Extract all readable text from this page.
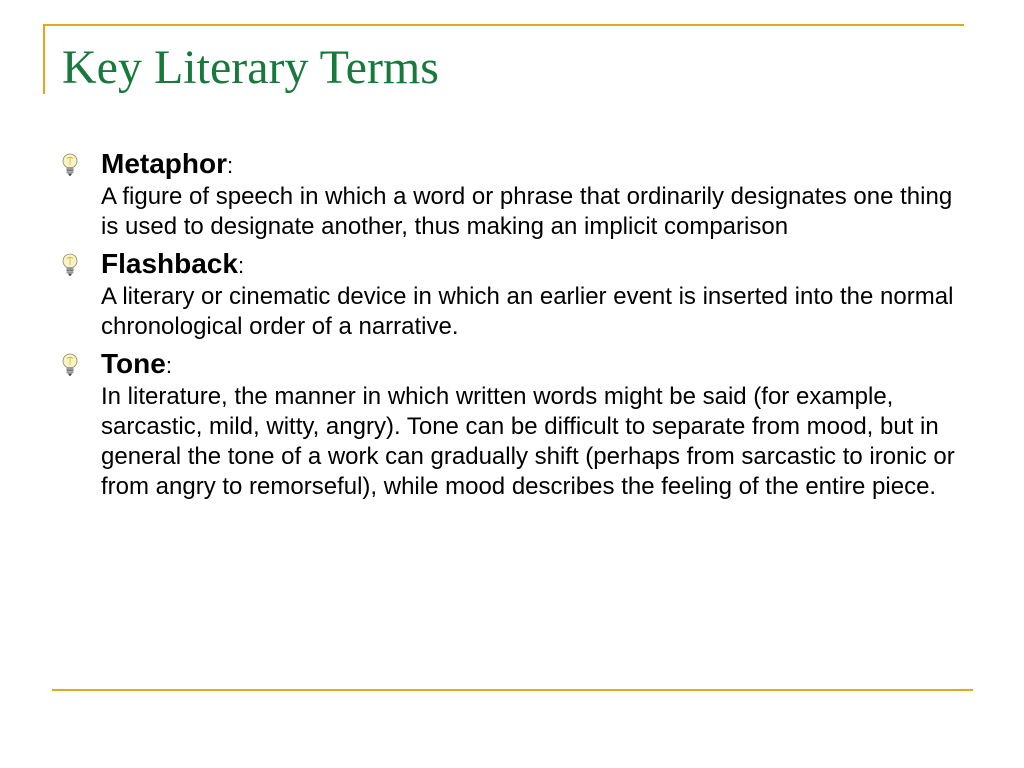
Key Literary Terms
Metaphor:
A figure of speech in which a word or phrase that ordinarily designates one thing is used to designate another, thus making an implicit comparison
Flashback:
A literary or cinematic device in which an earlier event is inserted into the normal chronological order of a narrative.
Tone:
In literature, the manner in which written words might be said (for example, sarcastic, mild, witty, angry). Tone can be difficult to separate from mood, but in general the tone of a work can gradually shift (perhaps from sarcastic to ironic or from angry to remorseful), while mood describes the feeling of the entire piece.
